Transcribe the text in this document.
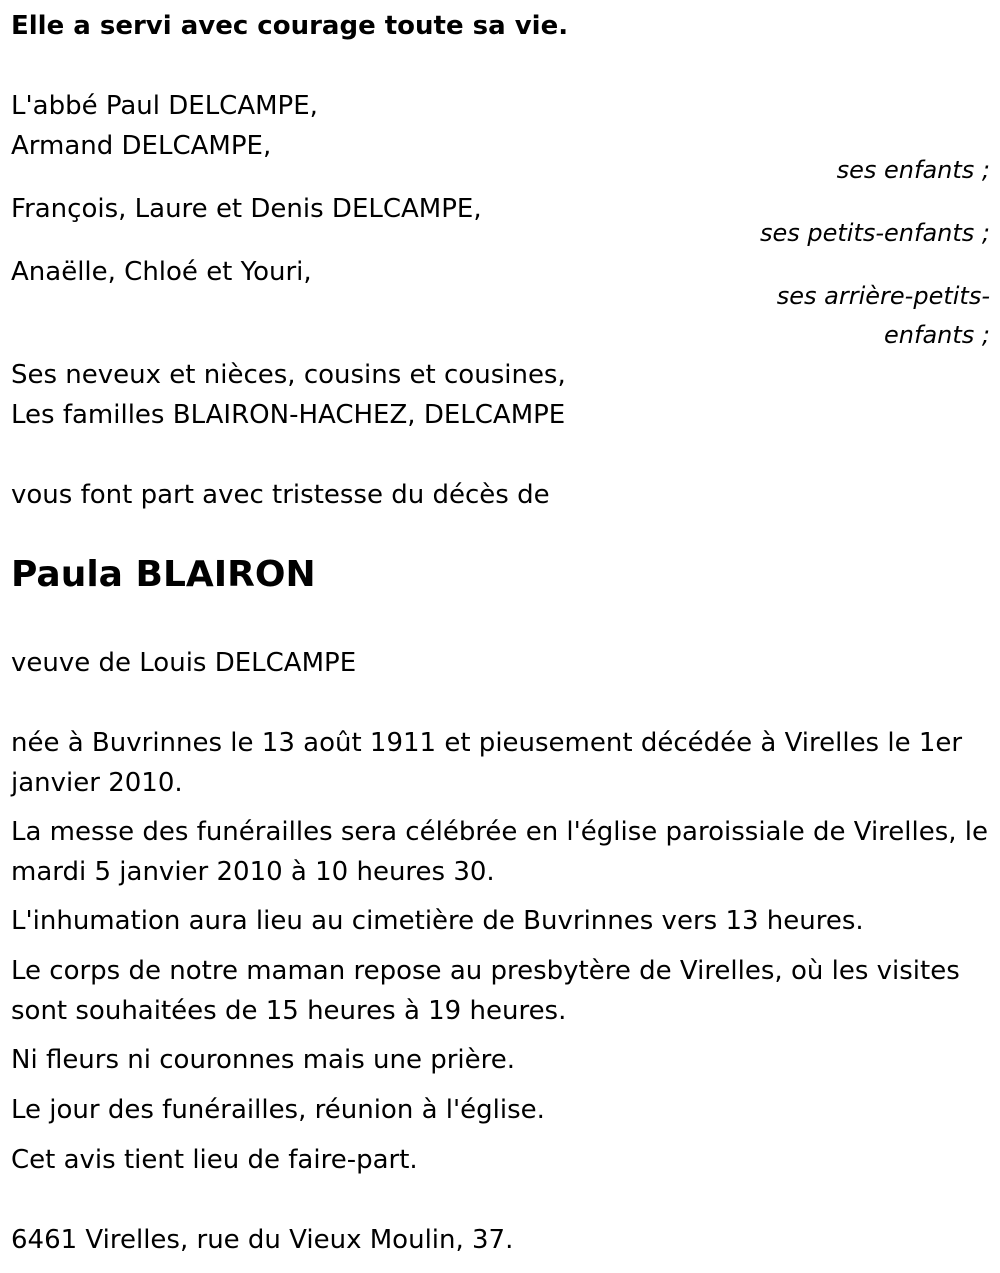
Elle a servi avec courage toute sa vie.

L'abbé Paul DELCAMPE,

Armand DELCAMPE,

ses enfants ;

François, Laure et Denis DELCAMPE,

ses petits-enfants ;

Anaëlle, Chloé et Youri,

ses arrière-petits-

enfants ;

Ses neveux et nièces, cousins et cousines,

Les familles BLAIRON-HACHEZ, DELCAMPE

vous font part avec tristesse du décès de

Paula BLAIRON

veuve de Louis DELCAMPE

née à Buvrinnes le 13 août 1911 et pieusement décédée à Virelles le 1er janvier 2010.

La messe des funérailles sera célébrée en l'église paroissiale de Virelles, le mardi 5 janvier 2010 à 10 heures 30.

L'inhumation aura lieu au cimetière de Buvrinnes vers 13 heures.

Le corps de notre maman repose au presbytère de Virelles, où les visites sont souhaitées de 15 heures à 19 heures.

Ni fleurs ni couronnes mais une prière.

Le jour des funérailles, réunion à l'église.

Cet avis tient lieu de faire-part.

6461 Virelles, rue du Vieux Moulin, 37.
